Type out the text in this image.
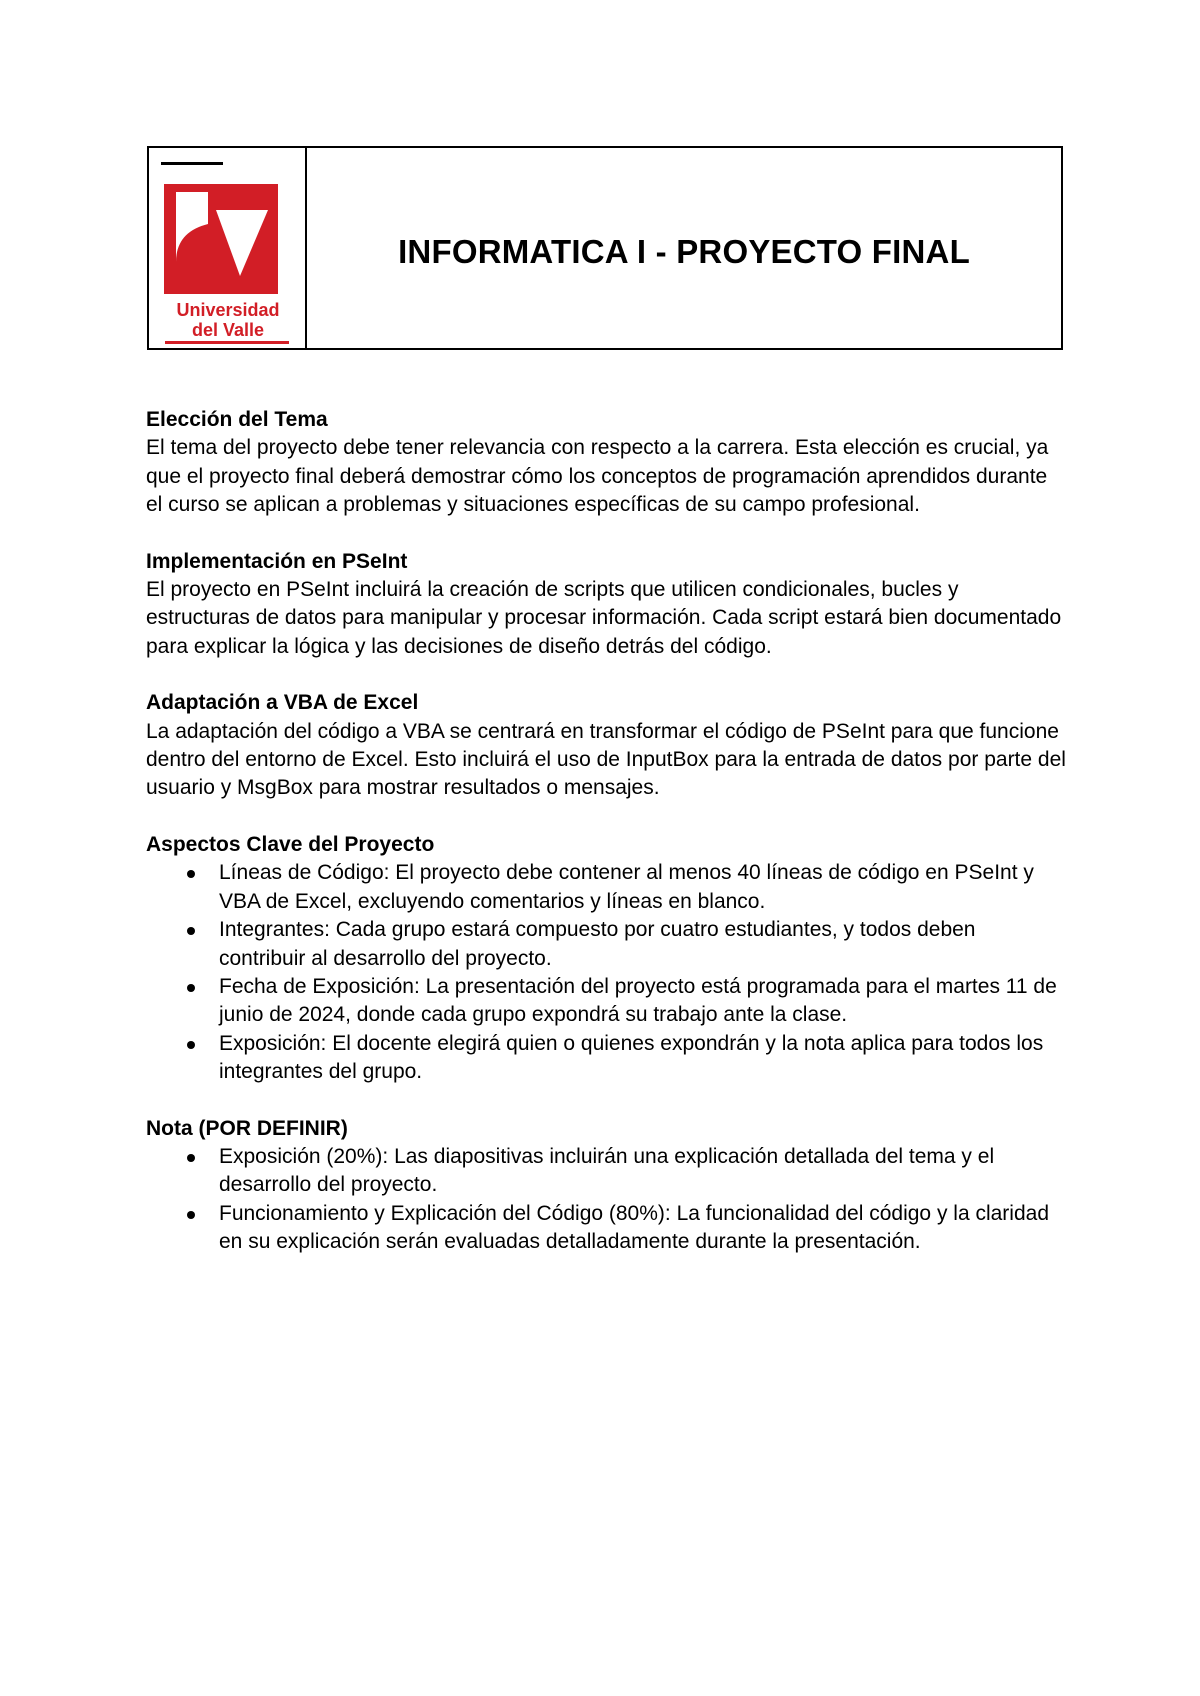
Universidad
del Valle
INFORMATICA I - PROYECTO FINAL
Elección del Tema

El tema del proyecto debe tener relevancia con respecto a la carrera. Esta elección es crucial, ya que el proyecto final deberá demostrar cómo los conceptos de programación aprendidos durante el curso se aplican a problemas y situaciones específicas de su campo profesional.

Implementación en PSeInt

El proyecto en PSeInt incluirá la creación de scripts que utilicen condicionales, bucles y estructuras de datos para manipular y procesar información. Cada script estará bien documentado para explicar la lógica y las decisiones de diseño detrás del código.

Adaptación a VBA de Excel

La adaptación del código a VBA se centrará en transformar el código de PSeInt para que funcione dentro del entorno de Excel. Esto incluirá el uso de InputBox para la entrada de datos por parte del usuario y MsgBox para mostrar resultados o mensajes.

Aspectos Clave del Proyecto
Líneas de Código: El proyecto debe contener al menos 40 líneas de código en PSeInt y VBA de Excel, excluyendo comentarios y líneas en blanco.
Integrantes: Cada grupo estará compuesto por cuatro estudiantes, y todos deben contribuir al desarrollo del proyecto.
Fecha de Exposición: La presentación del proyecto está programada para el martes 11 de junio de 2024, donde cada grupo expondrá su trabajo ante la clase.
Exposición: El docente elegirá quien o quienes expondrán y la nota aplica para todos los integrantes del grupo.
Nota (POR DEFINIR)
Exposición (20%): Las diapositivas incluirán una explicación detallada del tema y el desarrollo del proyecto.
Funcionamiento y Explicación del Código (80%): La funcionalidad del código y la claridad en su explicación serán evaluadas detalladamente durante la presentación.
